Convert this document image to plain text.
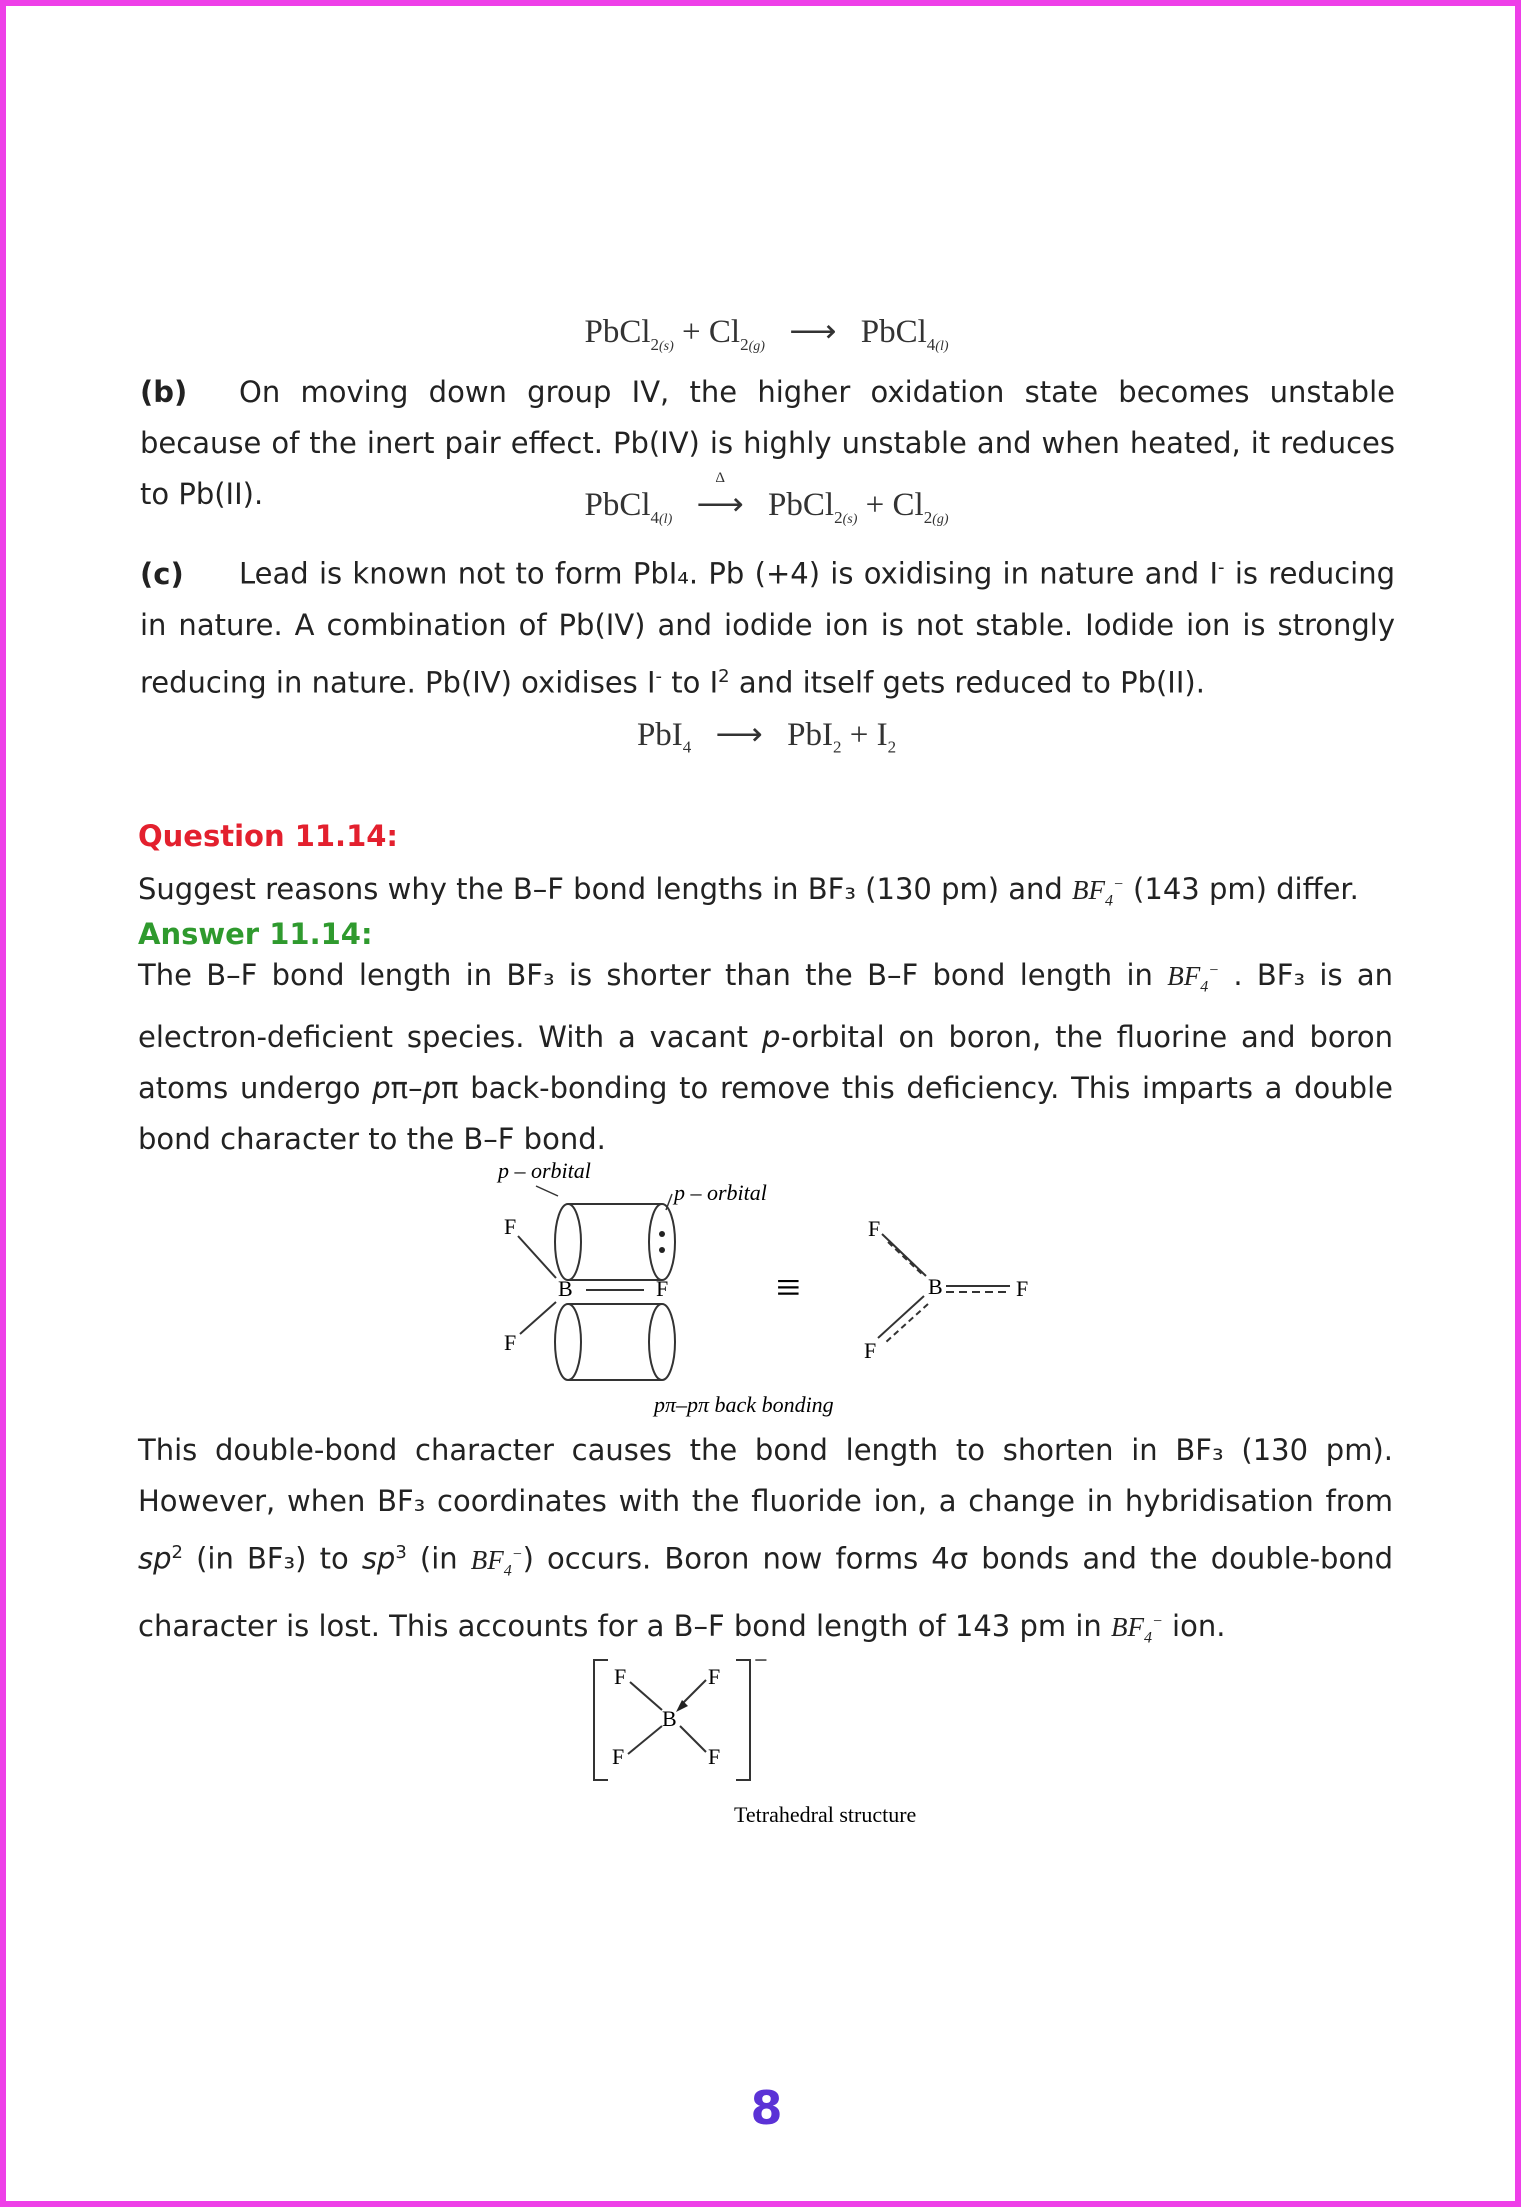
PbCl$_{2(s)}$ + $Cl_{2(g)}$ ⟶ PbCl$_{4(l)}$
(b) On moving down group IV, the higher oxidation state becomes unstable because of the inert pair effect. Pb(IV) is highly unstable and when heated, it reduces to Pb(II).	PbCl$_{4(l)}$
Δ
⟶ PbCl$_{2(s)}$ + $Cl_{2(g)}$
(c) Lead is known not to form PbI₄. Pb (+4) is oxidising in nature and I- is reducing in nature. A combination of Pb(IV) and iodide ion is not stable. Iodide ion is strongly reducing in nature. Pb(IV) oxidises I- to $I^2$ and itself gets reduced to Pb(II).
PbI$_4$ ⟶ $PbI_2 + I_2$
Question 11.14:
Suggest reasons why the B–F bond lengths in BF₃ (130 pm) and $BF_4^-$ (143 pm) differ.
Answer 11.14:
The B–F bond length in BF₃ is shorter than the B–F bond length in $BF_4^-$ . BF₃ is an electron-deficient species. With a vacant p-orbital on boron, the fluorine and boron atoms undergo pπ–pπ back-bonding to remove this deficiency. This imparts a double bond character to the B–F bond.
p – orbital
p – orbital
F
B	F
F
≡
F
B	F
F
pπ–pπ back bonding
This double-bond character causes the bond length to shorten in BF₃ (130 pm). However, when BF₃ coordinates with the fluoride ion, a change in hybridisation from $sp^2$ (in BF₃) to $sp^3$ (in $BF_4^-$) occurs. Boron now forms 4σ bonds and the double-bond character is lost. This accounts for a B–F bond length of 143 pm in $BF_4^-$ ion.
−
F	F
B
F	F
Tetrahedral structure
8
